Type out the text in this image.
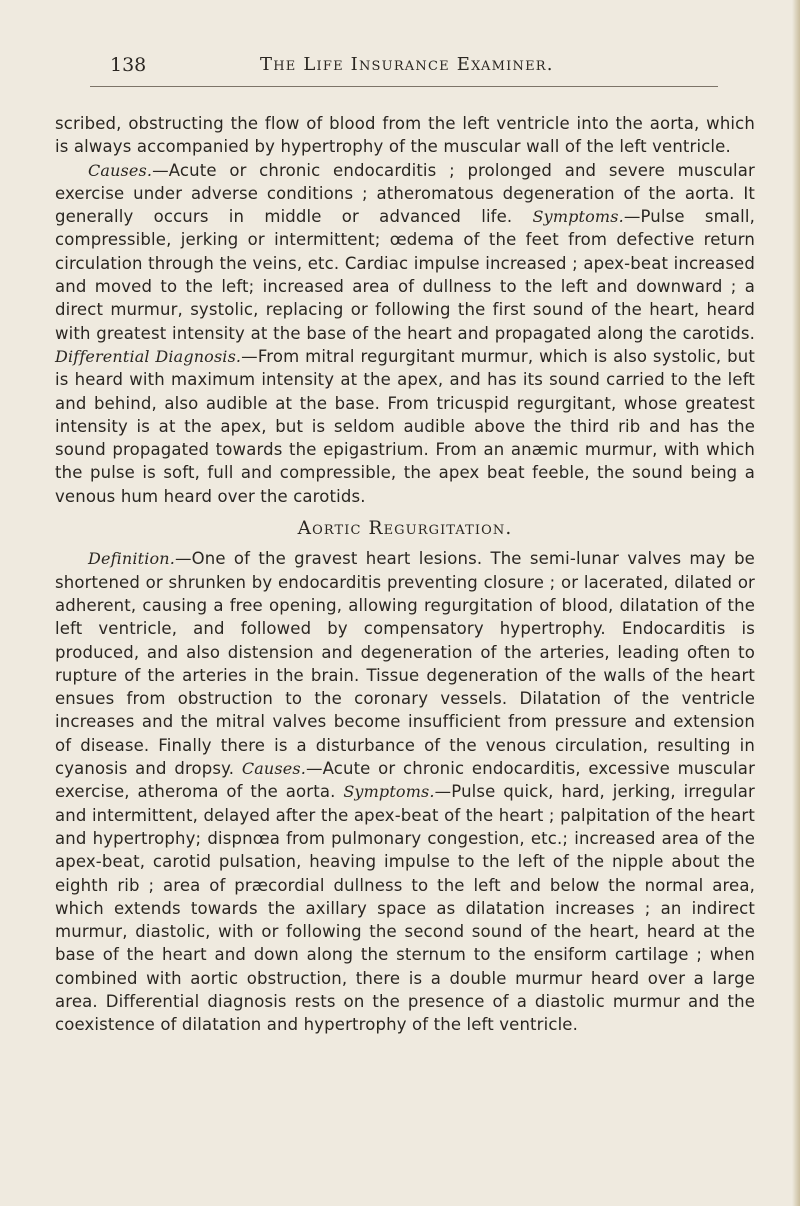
138	The Life Insurance Examiner.

scribed, obstructing the flow of blood from the left ventricle into the aorta, which is always accompanied by hypertrophy of the muscular wall of the left ventricle.

Causes.—Acute or chronic endocarditis ; prolonged and severe muscular exercise under adverse conditions ; atheromatous degeneration of the aorta. It generally occurs in middle or advanced life. Symptoms.—Pulse small, compressible, jerking or intermittent; œdema of the feet from defective return circulation through the veins, etc. Cardiac impulse increased ; apex-beat increased and moved to the left; increased area of dullness to the left and downward ; a direct murmur, systolic, replacing or following the first sound of the heart, heard with greatest intensity at the base of the heart and propagated along the carotids. Differential Diagnosis.—From mitral regurgitant murmur, which is also systolic, but is heard with maximum intensity at the apex, and has its sound carried to the left and behind, also audible at the base. From tricuspid regurgitant, whose greatest intensity is at the apex, but is seldom audible above the third rib and has the sound propagated towards the epigastrium. From an anæmic murmur, with which the pulse is soft, full and compressible, the apex beat feeble, the sound being a venous hum heard over the carotids.

Aortic Regurgitation.

Definition.—One of the gravest heart lesions. The semi-lunar valves may be shortened or shrunken by endocarditis preventing closure ; or lacerated, dilated or adherent, causing a free opening, allowing regurgitation of blood, dilatation of the left ventricle, and followed by compensatory hypertrophy. Endocarditis is produced, and also distension and degeneration of the arteries, leading often to rupture of the arteries in the brain. Tissue degeneration of the walls of the heart ensues from obstruction to the coronary vessels. Dilatation of the ventricle increases and the mitral valves become insufficient from pressure and extension of disease. Finally there is a disturbance of the venous circulation, resulting in cyanosis and dropsy. Causes.—Acute or chronic endocarditis, excessive muscular exercise, atheroma of the aorta. Symptoms.—Pulse quick, hard, jerking, irregular and intermittent, delayed after the apex-beat of the heart ; palpitation of the heart and hypertrophy; dispnœa from pulmonary congestion, etc.; increased area of the apex-beat, carotid pulsation, heaving impulse to the left of the nipple about the eighth rib ; area of præcordial dullness to the left and below the normal area, which extends towards the axillary space as dilatation increases ; an indirect murmur, diastolic, with or following the second sound of the heart, heard at the base of the heart and down along the sternum to the ensiform cartilage ; when combined with aortic obstruction, there is a double murmur heard over a large area. Differential diagnosis rests on the presence of a diastolic murmur and the coexistence of dilatation and hypertrophy of the left ventricle.
